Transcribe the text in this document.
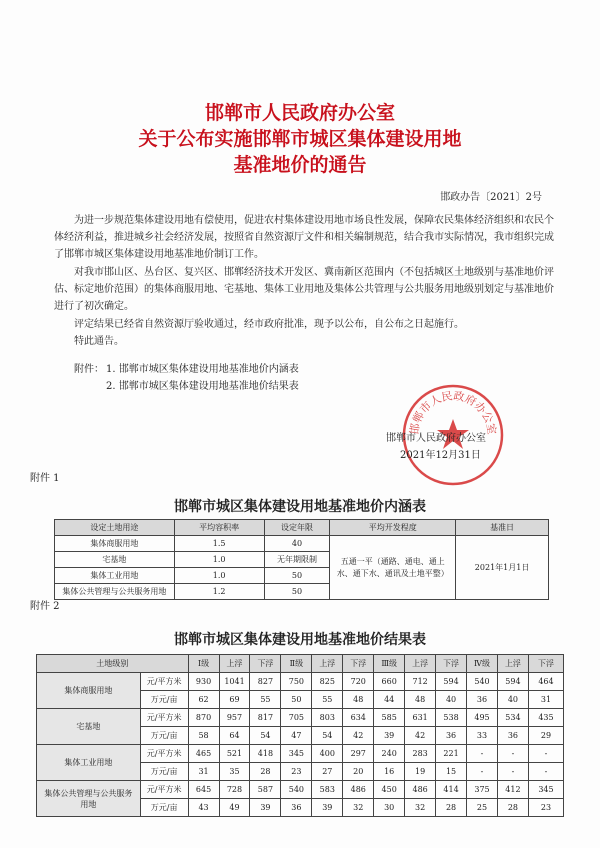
邯郸市人民政府办公室
关于公布实施邯郸市城区集体建设用地
基准地价的通告
邯政办告〔2021〕2号
为进一步规范集体建设用地有偿使用，促进农村集体建设用地市场良性发展，保障农民集体经济组织和农民个体经济利益，推进城乡社会经济发展，按照省自然资源厅文件和相关编制规范，结合我市实际情况，我市组织完成了邯郸市城区集体建设用地基准地价制订工作。
对我市邯山区、丛台区、复兴区、邯郸经济技术开发区、冀南新区范围内（不包括城区土地级别与基准地价评估、标定地价范围）的集体商服用地、宅基地、集体工业用地及集体公共管理与公共服务用地级别划定与基准地价进行了初次确定。
评定结果已经省自然资源厅验收通过，经市政府批准，现予以公布，自公布之日起施行。
特此通告。
附件： 1. 邯郸市城区集体建设用地基准地价内涵表
2. 邯郸市城区集体建设用地基准地价结果表
邯郸市人民政府办公室
邯郸市人民政府办公室
2021年12月31日
附件 1
邯郸市城区集体建设用地基准地价内涵表
设定土地用途	平均容积率	设定年限	平均开发程度	基准日
集体商服用地	1.5	40	五通一平（通路、通电、通上水、通下水、通讯及土地平整）	2021年1月1日
宅基地	1.0	无年期限制		
集体工业用地	1.0	50		
集体公共管理与公共服务用地	1.2	50		
附件 2
邯郸市城区集体建设用地基准地价结果表
土地级别		Ⅰ级	上浮	下浮	Ⅱ级	上浮	下浮	Ⅲ级	上浮	下浮	Ⅳ级	上浮	下浮
集体商服用地	元/平方米	930	1041	827	750	825	720	660	712	594	540	594	464
	万元/亩	62	69	55	50	55	48	44	48	40	36	40	31
宅基地	元/平方米	870	957	817	705	803	634	585	631	538	495	534	435
	万元/亩	58	64	54	47	54	42	39	42	36	33	36	29
集体工业用地	元/平方米	465	521	418	345	400	297	240	283	221	-	-	-
	万元/亩	31	35	28	23	27	20	16	19	15	-	-	-
集体公共管理与公共服务用地	元/平方米	645	728	587	540	583	486	450	486	414	375	412	345
	万元/亩	43	49	39	36	39	32	30	32	28	25	28	23
